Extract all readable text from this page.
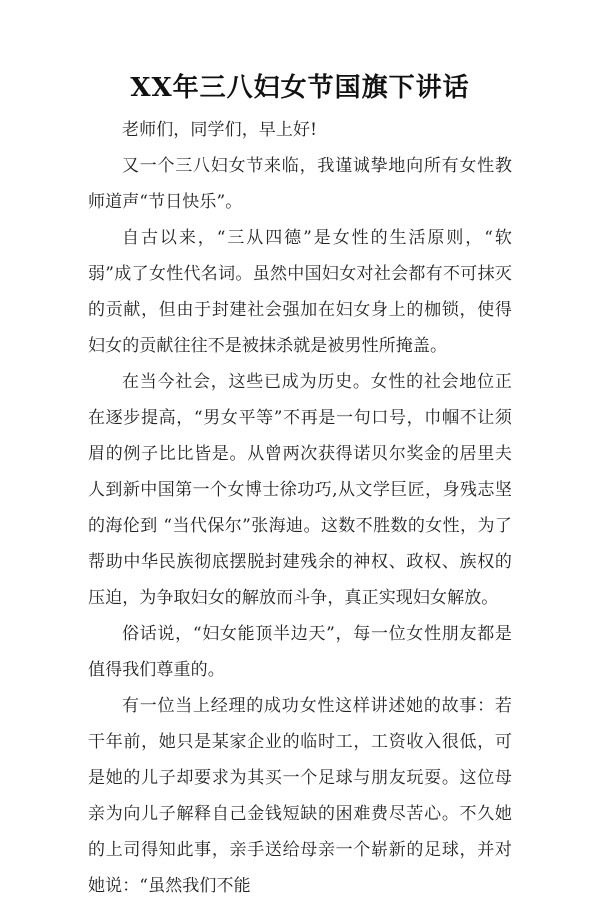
XX年三八妇女节国旗下讲话

老师们，同学们，早上好!

又一个三八妇女节来临，我谨诚挚地向所有女性教师道声“节日快乐”。

自古以来，“三从四德”是女性的生活原则，“软弱”成了女性代名词。虽然中国妇女对社会都有不可抹灭的贡献，但由于封建社会强加在妇女身上的枷锁，使得妇女的贡献往往不是被抹杀就是被男性所掩盖。

在当今社会，这些已成为历史。女性的社会地位正在逐步提高，“男女平等”不再是一句口号，巾帼不让须眉的例子比比皆是。从曾两次获得诺贝尔奖金的居里夫人到新中国第一个女博士徐功巧,从文学巨匠，身残志坚的海伦到 “当代保尔”张海迪。这数不胜数的女性，为了帮助中华民族彻底摆脱封建残余的神权、政权、族权的压迫，为争取妇女的解放而斗争，真正实现妇女解放。

俗话说，“妇女能顶半边天”，每一位女性朋友都是值得我们尊重的。

有一位当上经理的成功女性这样讲述她的故事：若干年前，她只是某家企业的临时工，工资收入很低，可是她的儿子却要求为其买一个足球与朋友玩耍。这位母亲为向儿子解释自己金钱短缺的困难费尽苦心。不久她的上司得知此事，亲手送给母亲一个崭新的足球，并对她说：“虽然我们不能
